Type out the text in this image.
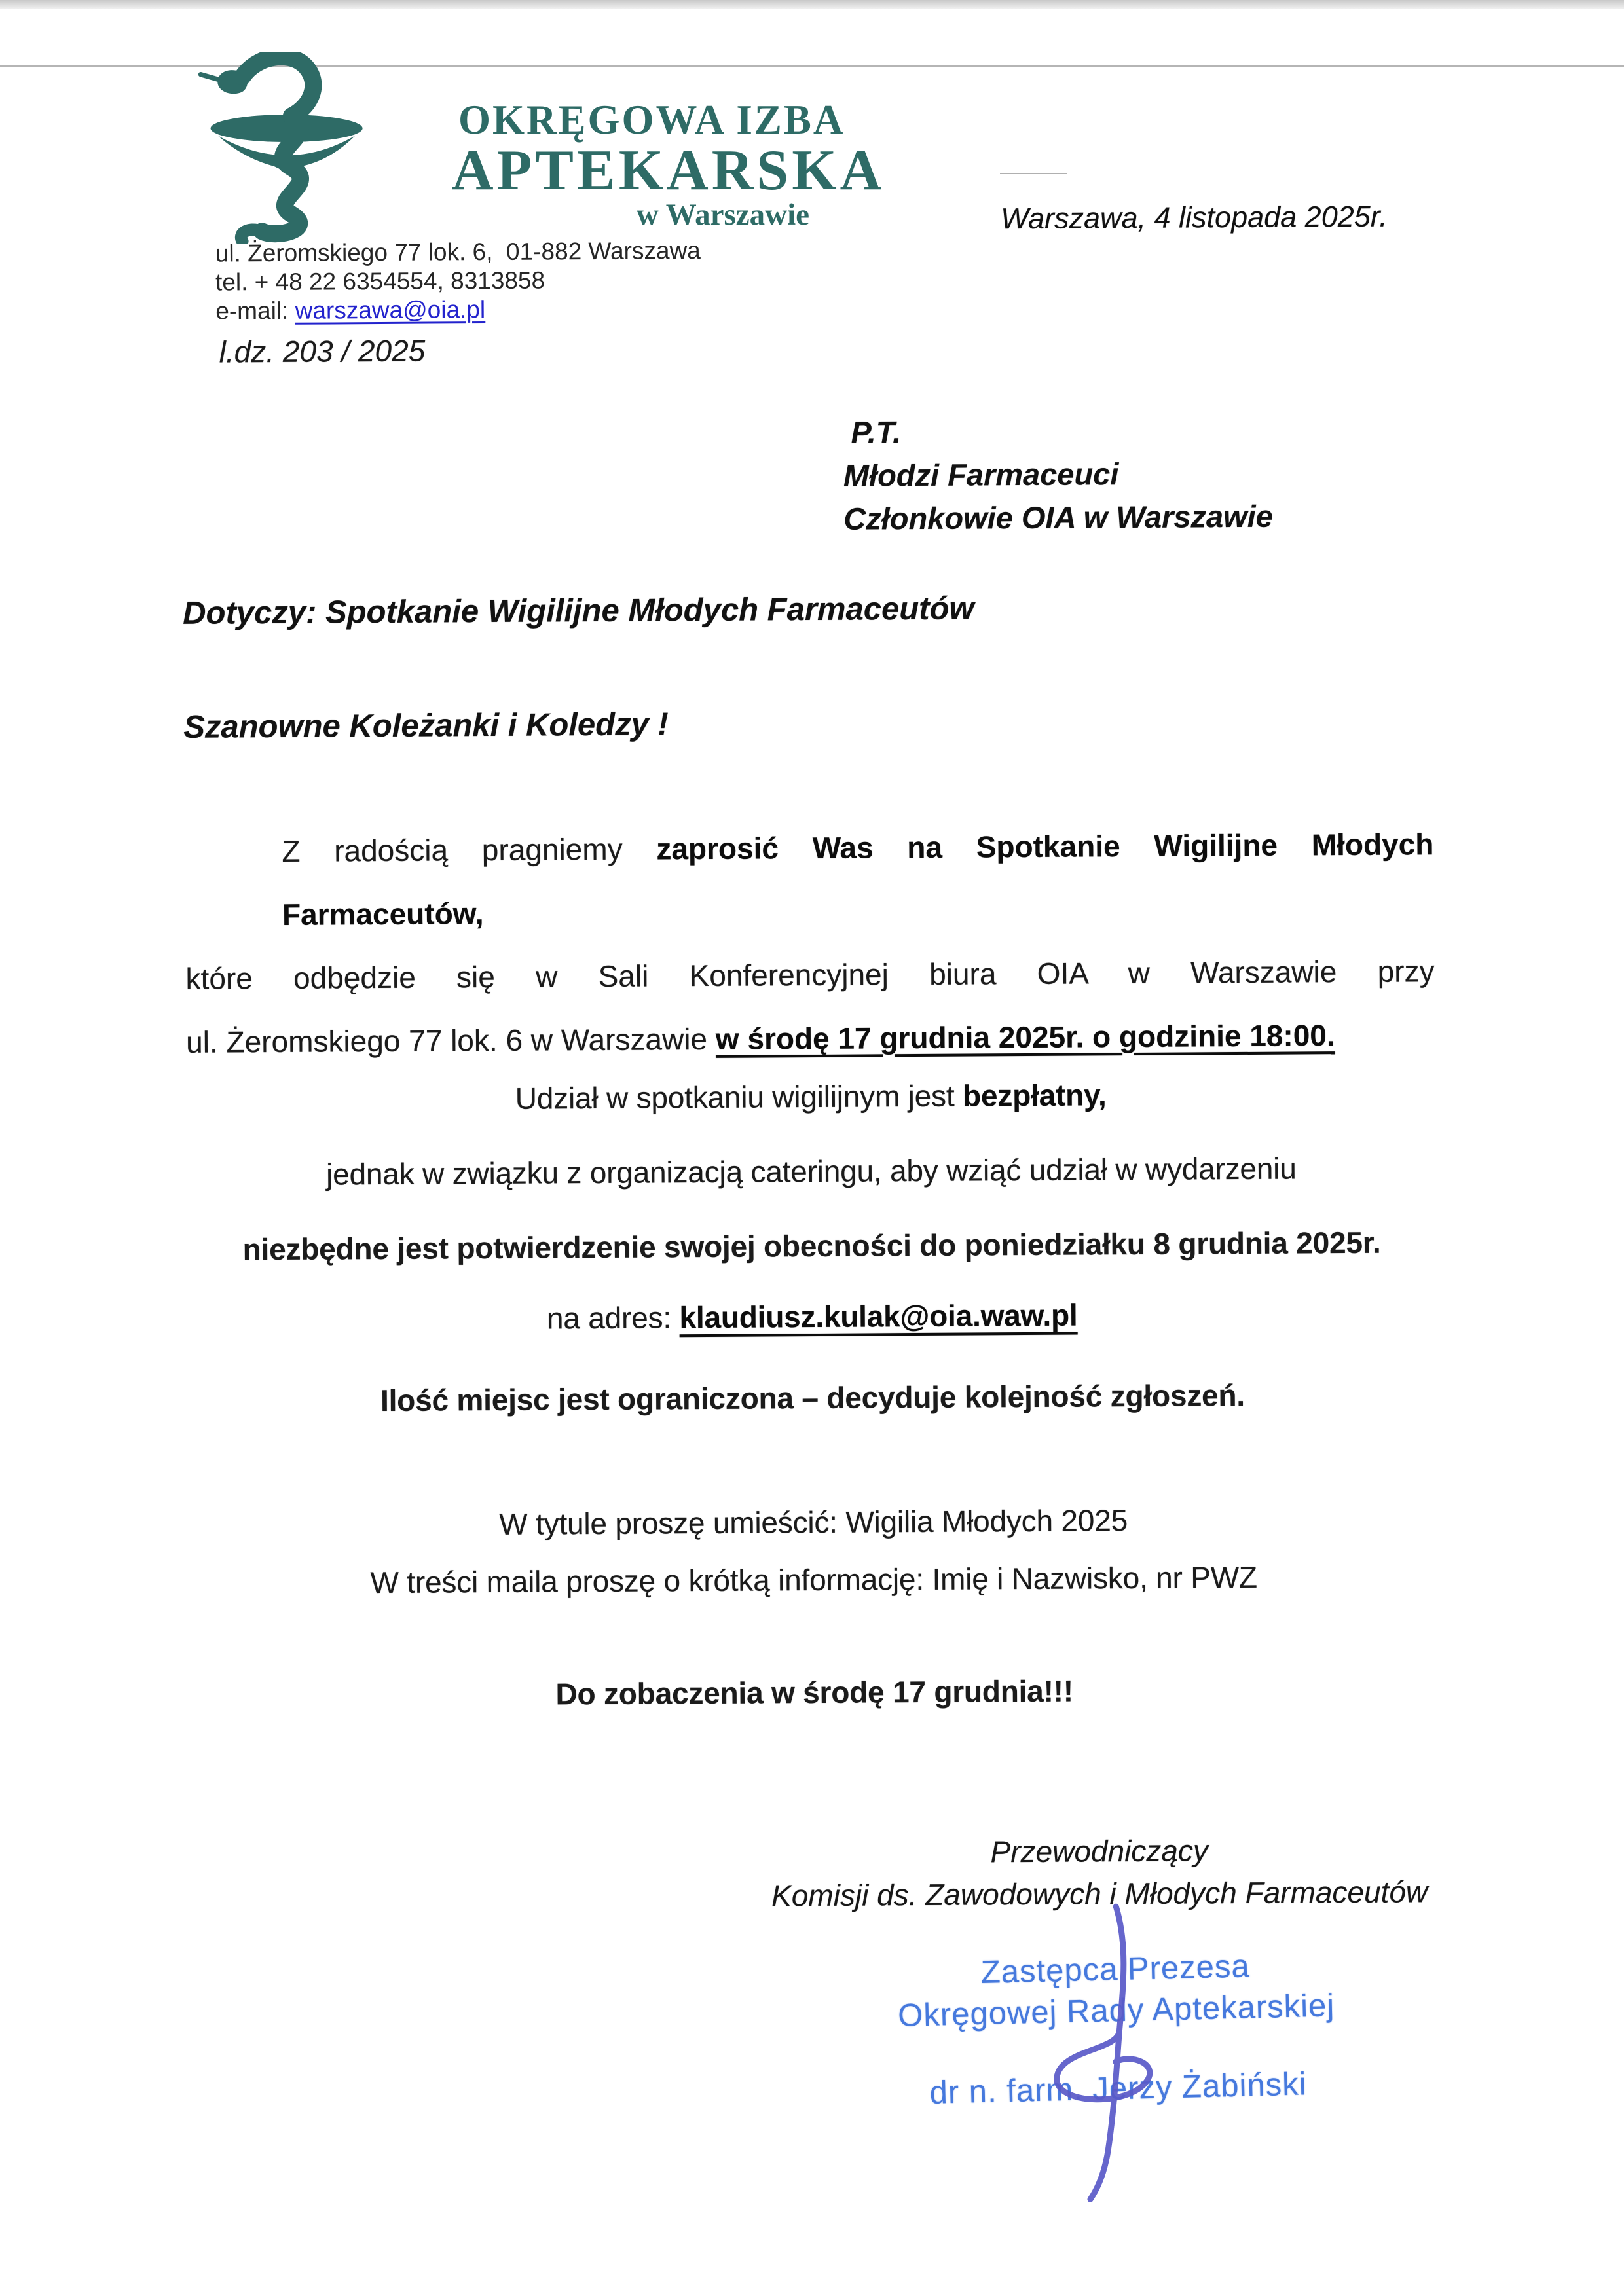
OKRĘGOWA IZBA
APTEKARSKA
w Warszawie
ul. Żeromskiego 77 lok. 6,  01-882 Warszawa
tel. + 48 22 6354554, 8313858
e-mail: warszawa@oia.pl
Warszawa, 4 listopada 2025r.
l.dz. 203 / 2025
P.T.
Młodzi Farmaceuci
Członkowie OIA w Warszawie
Dotyczy: Spotkanie Wigilijne Młodych Farmaceutów
Szanowne Koleżanki i Koledzy !
Z radością pragniemy zaprosić Was na Spotkanie Wigilijne Młodych Farmaceutów,
które odbędzie się w Sali Konferencyjnej biura OIA w Warszawie przy
ul. Żeromskiego 77 lok. 6 w Warszawie w środę 17 grudnia 2025r. o godzinie 18:00.
Udział w spotkaniu wigilijnym jest bezpłatny,
jednak w związku z organizacją cateringu, aby wziąć udział w wydarzeniu
niezbędne jest potwierdzenie swojej obecności do poniedziałku 8 grudnia 2025r.
na adres: klaudiusz.kulak@oia.waw.pl
Ilość miejsc jest ograniczona – decyduje kolejność zgłoszeń.
W tytule proszę umieścić: Wigilia Młodych 2025
W treści maila proszę o krótką informację: Imię i Nazwisko, nr PWZ
Do zobaczenia w środę 17 grudnia!!!
Przewodniczący
Komisji ds. Zawodowych i Młodych Farmaceutów
Zastępca Prezesa
Okręgowej Rady Aptekarskiej
dr n. farm. Jerzy Żabiński
